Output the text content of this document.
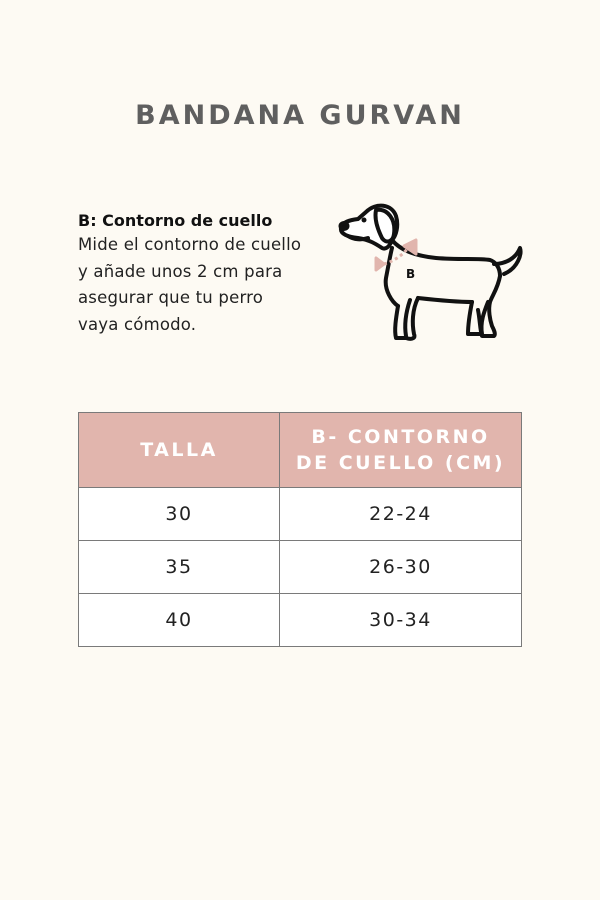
BANDANA GURVAN
B: Contorno de cuello
Mide el contorno de cuello
y añade unos 2 cm para
asegurar que tu perro
vaya cómodo.
B
TALLA	B- CONTORNO DE CUELLO (CM)
30	22-24
35	26-30
40	30-34
